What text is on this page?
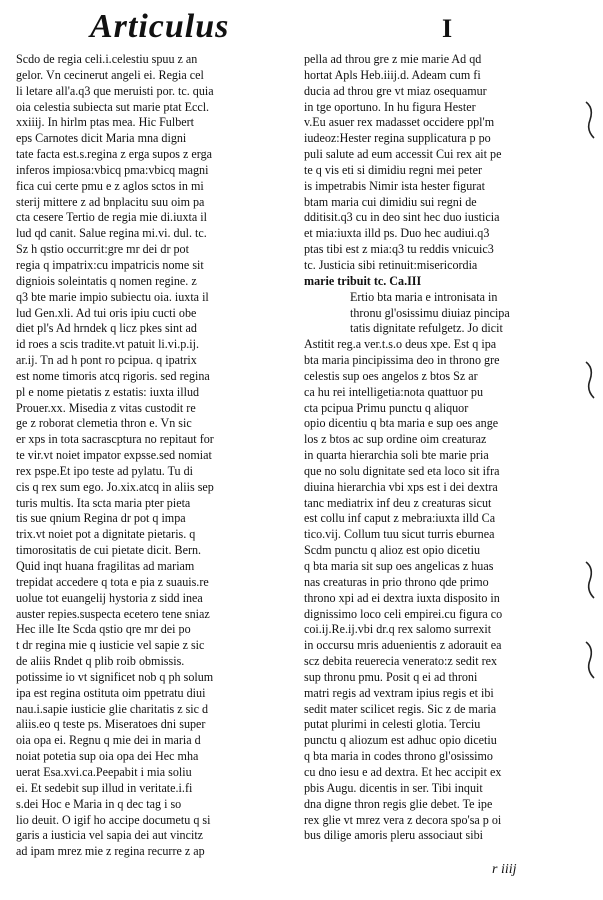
Articulus	I
Scdo de regia celi.i.celestiu spuu z an
gelor. Vn cecinerut angeli ei. Regia cel
li letare all'a.q3 que meruisti por. tc. quia
oia celestia subiecta sut marie ptat Eccl.
xxiiij. In hirlm ptas mea. Hic Fulbert
eps Carnotes dicit Maria mna digni
tate facta est.s.regina z erga supos z erga
inferos impiosa:vbicq pma:vbicq magni
fica cui certe pmu e z aglos sctos in mi
sterij mittere z ad bnplacitu suu oim pa
cta cesere Tertio de regia mie di.iuxta il
lud qd canit. Salue regina mi.vi. dul. tc.
Sz h qstio occurrit:gre mr dei dr pot
regia q impatrix:cu impatricis nome sit
digniois soleintatis q nomen regine. z
q3 bte marie impio subiectu oia. iuxta il
lud Gen.xli. Ad tui oris ipiu cucti obe
diet pl's Ad hrndek q licz pkes sint ad
id roes a scis tradite.vt patuit li.vi.p.ij.
ar.ij. Tn ad h pont ro pcipua. q ipatrix
est nome timoris atcq rigoris. sed regina
pl e nome pietatis z estatis: iuxta illud
Prouer.xx. Misedia z vitas custodit re
ge z roborat clemetia thron e. Vn sic
er xps in tota sacrascptura no repitaut for
te vir.vt noiet impator expsse.sed nomiat
rex pspe.Et ipo teste ad pylatu. Tu di
cis q rex sum ego. Jo.xix.atcq in aliis sep
turis multis. Ita scta maria pter pieta
tis sue qnium Regina dr pot q impa
trix.vt noiet pot a dignitate pietaris. q
timorositatis de cui pietate dicit. Bern.
Quid inqt huana fragilitas ad mariam
trepidat accedere q tota e pia z suauis.re
uolue tot euangelij hystoria z sidd inea
auster repies.suspecta ecetero tene sniaz
Hec ille Ite Scda qstio qre mr dei po
t dr regina mie q iusticie vel sapie z sic
de aliis Rndet q plib roib obmissis.
potissime io vt significet nob q ph solum
ipa est regina ostituta oim ppetratu diui
nau.i.sapie iusticie glie charitatis z sic d
aliis.eo q teste ps. Miseratoes dni super
oia opa ei. Regnu q mie dei in maria d
noiat potetia sup oia opa dei Hec mha
uerat Esa.xvi.ca.Peepabit i mia soliu
ei. Et sedebit sup illud in veritate.i.fi
s.dei Hoc e Maria in q dec tag i so
lio deuit. O igif ho accipe documetu q si
garis a iusticia vel sapia dei aut vincitz
ad ipam mrez mie z regina recurre z ap
pella ad throu gre z mie marie Ad qd
hortat Apls Heb.iiij.d. Adeam cum fi
ducia ad throu gre vt miaz osequamur
in tge oportuno. In hu figura Hester
v.Eu asuer rex madasset occidere ppl'm
iudeoz:Hester regina supplicatura p po
puli salute ad eum accessit Cui rex ait pe
te q vis eti si dimidiu regni mei peter
is impetrabis Nimir ista hester figurat
btam maria cui dimidiu sui regni de
dditisit.q3 cu in deo sint hec duo iusticia
et mia:iuxta illd ps. Duo hec audiui.q3
ptas tibi est z mia:q3 tu reddis vnicuic3
tc. Justicia sibi retinuit:misericordia
marie tribuit tc. Ca.III
Ertio bta maria e intronisata in
thronu gl'osissimu diuiaz pincipa
tatis dignitate refulgetz. Jo dicit
Astitit reg.a ver.t.s.o deus xpe. Est q ipa
bta maria pincipissima deo in throno gre
celestis sup oes angelos z btos Sz ar
ca hu rei intelligetia:nota quattuor pu
cta pcipua Primu punctu q aliquor
opio dicentiu q bta maria e sup oes ange
los z btos ac sup ordine oim creaturaz
in quarta hierarchia soli bte marie pria
que no solu dignitate sed eta loco sit ifra
diuina hierarchia vbi xps est i dei dextra
tanc mediatrix inf deu z creaturas sicut
est collu inf caput z mebra:iuxta illd Ca
tico.vij. Collum tuu sicut turris eburnea
Scdm punctu q alioz est opio dicetiu
q bta maria sit sup oes angelicas z huas
nas creaturas in prio throno qde primo
throno xpi ad ei dextra iuxta disposito in
dignissimo loco celi empirei.cu figura co
coi.ij.Re.ij.vbi dr.q rex salomo surrexit
in occursu mris aduenientis z adorauit ea
scz debita reuerecia venerato:z sedit rex
sup thronu pmu. Posit q ei ad throni
matri regis ad vextram ipius regis et ibi
sedit mater scilicet regis. Sic z de maria
putat plurimi in celesti glotia. Terciu
punctu q aliozum est adhuc opio dicetiu
q bta maria in codes throno gl'osissimo
cu dno iesu e ad dextra. Et hec accipit ex
pbis Augu. dicentis in ser. Tibi inquit
dna digne thron regis glie debet. Te ipe
rex glie vt mrez vera z decora spo'sa p oi
bus dilige amoris pleru associaut sibi
r iiij
